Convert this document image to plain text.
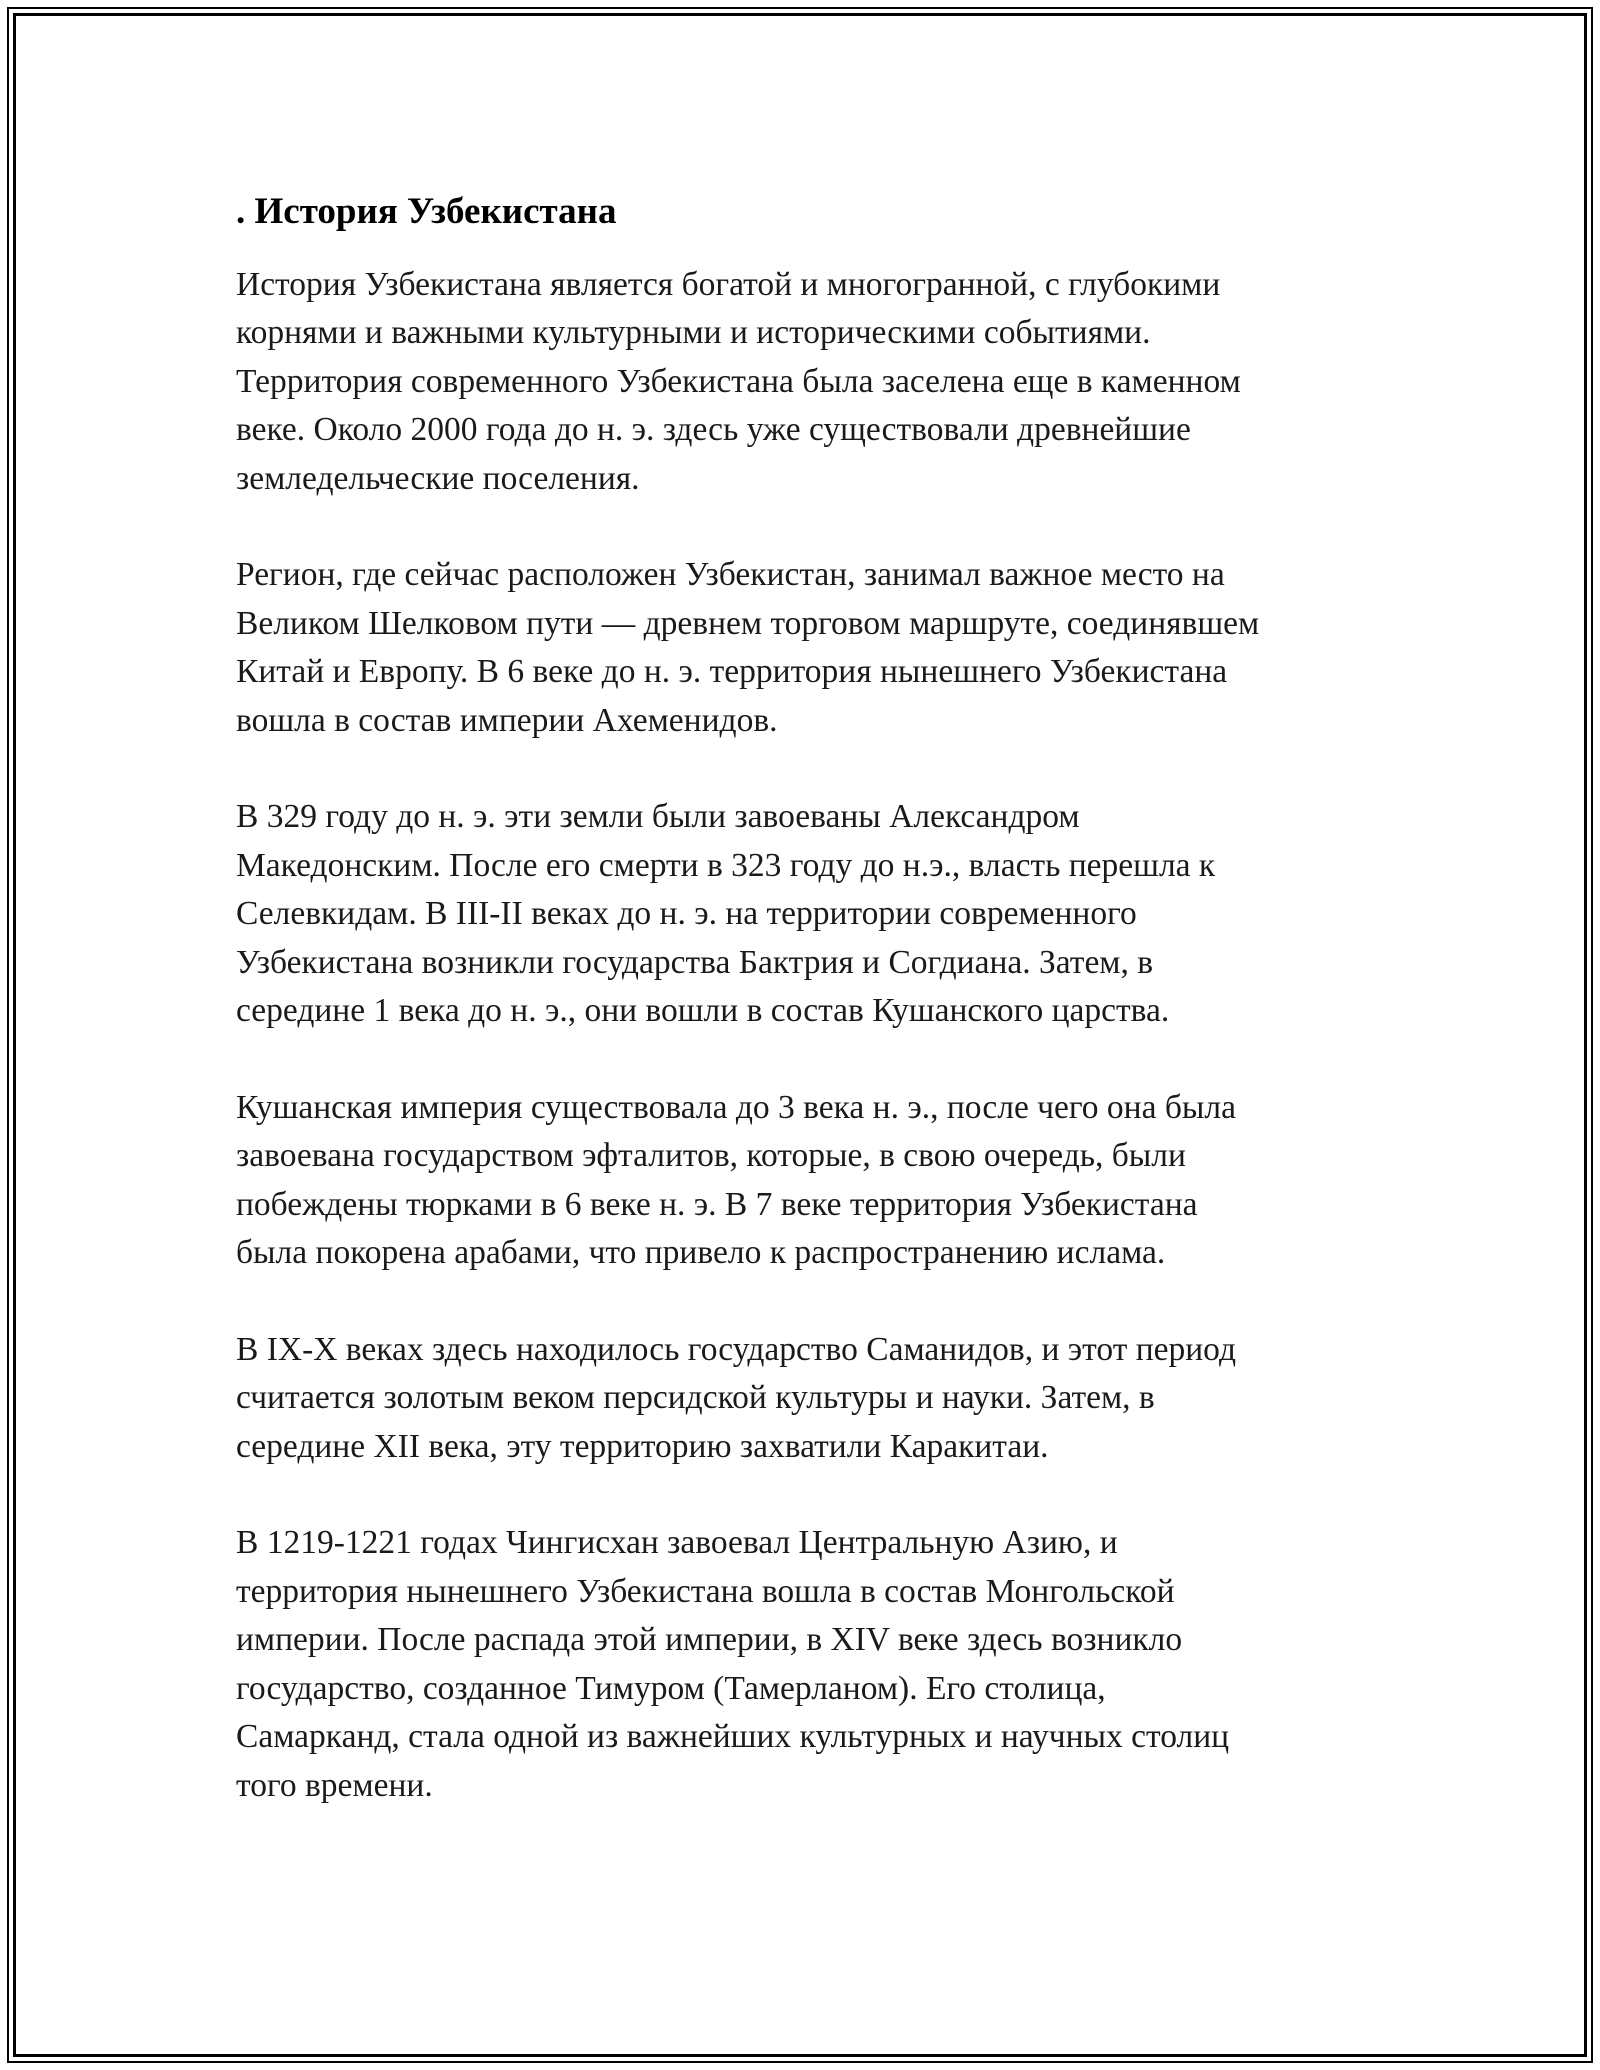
. История Узбекистана
История Узбекистана является богатой и многогранной, с глубокими
корнями и важными культурными и историческими событиями.
Территория современного Узбекистана была заселена еще в каменном
веке. Около 2000 года до н. э. здесь уже существовали древнейшие
земледельческие поселения.
Регион, где сейчас расположен Узбекистан, занимал важное место на
Великом Шелковом пути — древнем торговом маршруте, соединявшем
Китай и Европу. В 6 веке до н. э. территория нынешнего Узбекистана
вошла в состав империи Ахеменидов.
В 329 году до н. э. эти земли были завоеваны Александром
Македонским. После его смерти в 323 году до н.э., власть перешла к
Селевкидам. В III-II веках до н. э. на территории современного
Узбекистана возникли государства Бактрия и Согдиана. Затем, в
середине 1 века до н. э., они вошли в состав Кушанского царства.
Кушанская империя существовала до 3 века н. э., после чего она была
завоевана государством эфталитов, которые, в свою очередь, были
побеждены тюрками в 6 веке н. э. В 7 веке территория Узбекистана
была покорена арабами, что привело к распространению ислама.
В IX-X веках здесь находилось государство Саманидов, и этот период
считается золотым веком персидской культуры и науки. Затем, в
середине XII века, эту территорию захватили Каракитаи.
В 1219-1221 годах Чингисхан завоевал Центральную Азию, и
территория нынешнего Узбекистана вошла в состав Монгольской
империи. После распада этой империи, в XIV веке здесь возникло
государство, созданное Тимуром (Тамерланом). Его столица,
Самарканд, стала одной из важнейших культурных и научных столиц
того времени.
